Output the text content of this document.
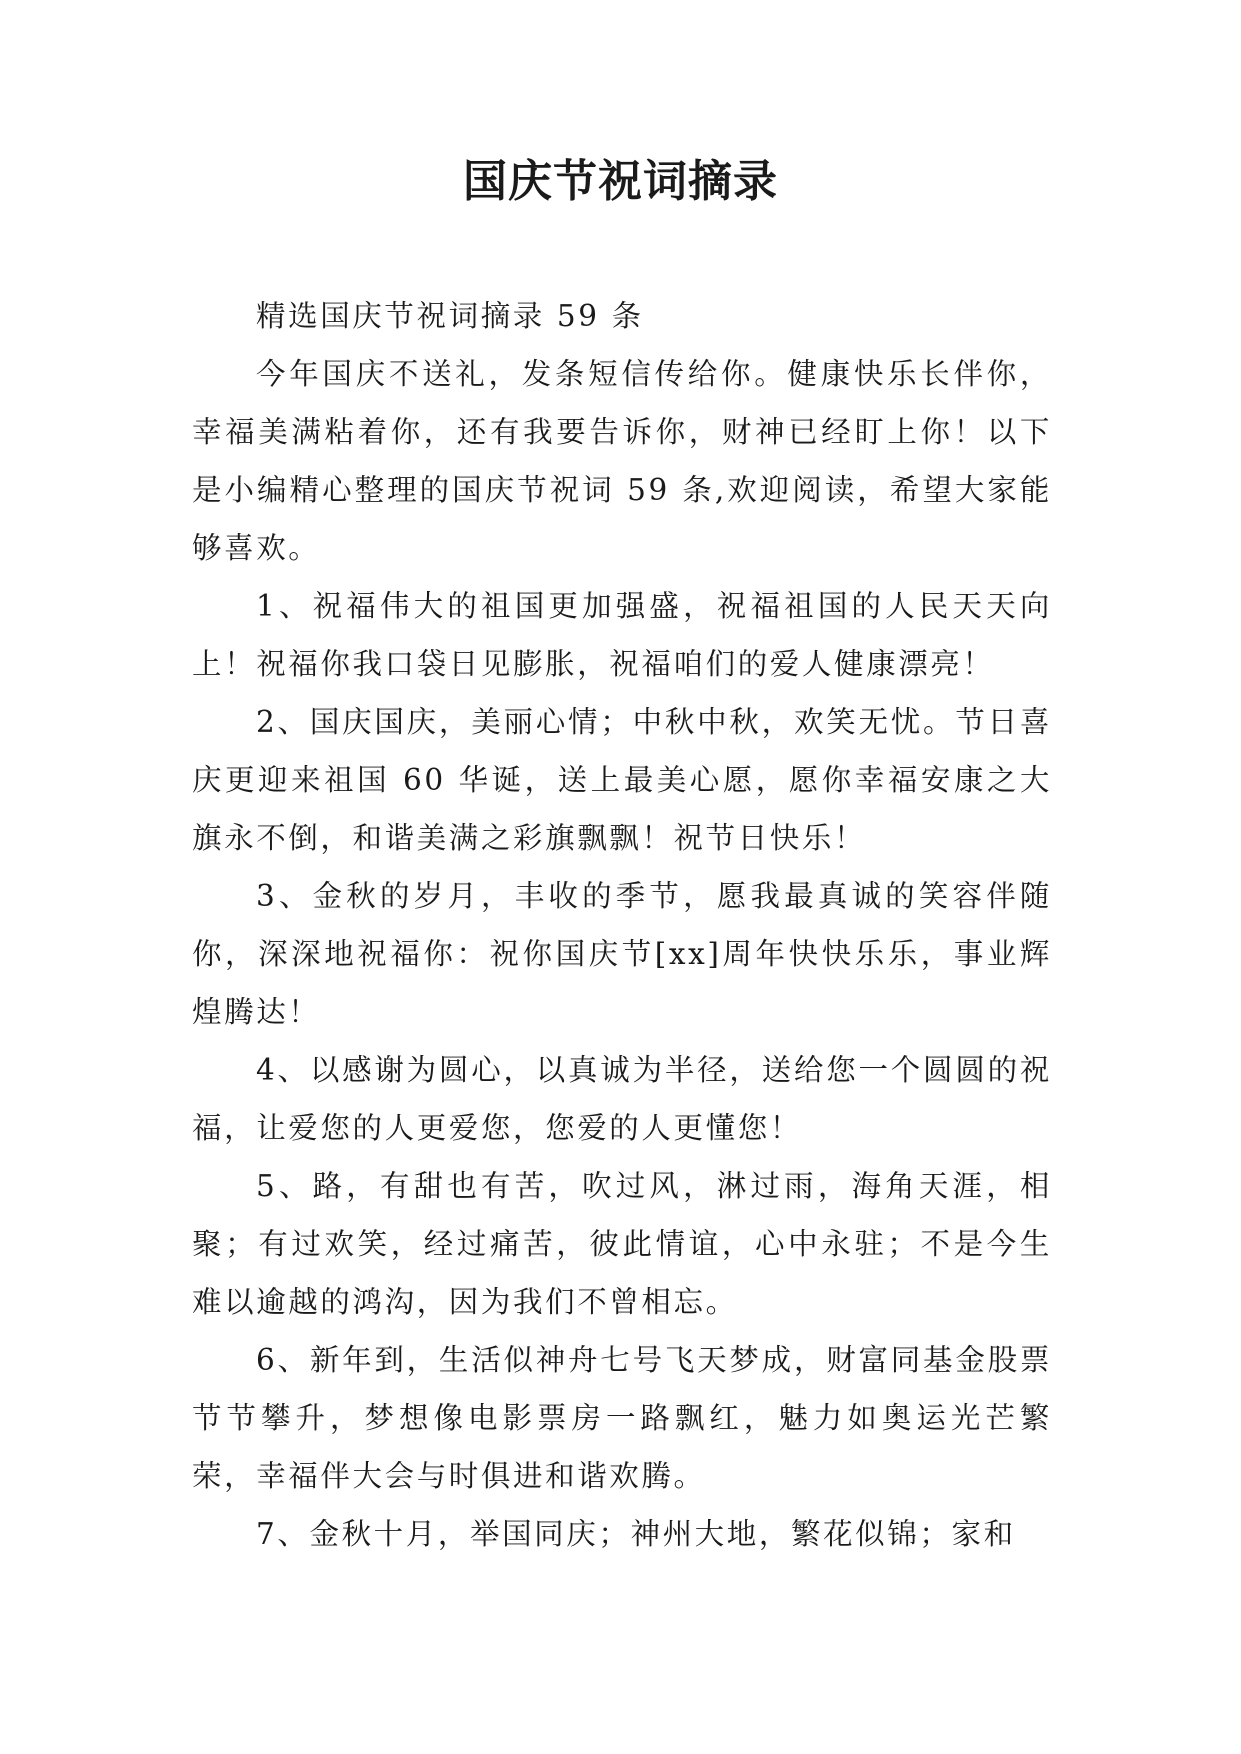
国庆节祝词摘录

精选国庆节祝词摘录 59 条

今年国庆不送礼，发条短信传给你。健康快乐长伴你，幸福美满粘着你，还有我要告诉你，财神已经盯上你！以下是小编精心整理的国庆节祝词 59 条,欢迎阅读，希望大家能够喜欢。

1、祝福伟大的祖国更加强盛，祝福祖国的人民天天向上！祝福你我口袋日见膨胀，祝福咱们的爱人健康漂亮！

2、国庆国庆，美丽心情；中秋中秋，欢笑无忧。节日喜庆更迎来祖国 60 华诞，送上最美心愿，愿你幸福安康之大旗永不倒，和谐美满之彩旗飘飘！祝节日快乐！

3、金秋的岁月，丰收的季节，愿我最真诚的笑容伴随你，深深地祝福你：祝你国庆节[xx]周年快快乐乐，事业辉煌腾达！

4、以感谢为圆心，以真诚为半径，送给您一个圆圆的祝福，让爱您的人更爱您，您爱的人更懂您！

5、路，有甜也有苦，吹过风，淋过雨，海角天涯，相聚；有过欢笑，经过痛苦，彼此情谊，心中永驻；不是今生难以逾越的鸿沟，因为我们不曾相忘。

6、新年到，生活似神舟七号飞天梦成，财富同基金股票节节攀升，梦想像电影票房一路飘红，魅力如奥运光芒繁荣，幸福伴大会与时俱进和谐欢腾。

7、金秋十月，举国同庆；神州大地，繁花似锦；家和
